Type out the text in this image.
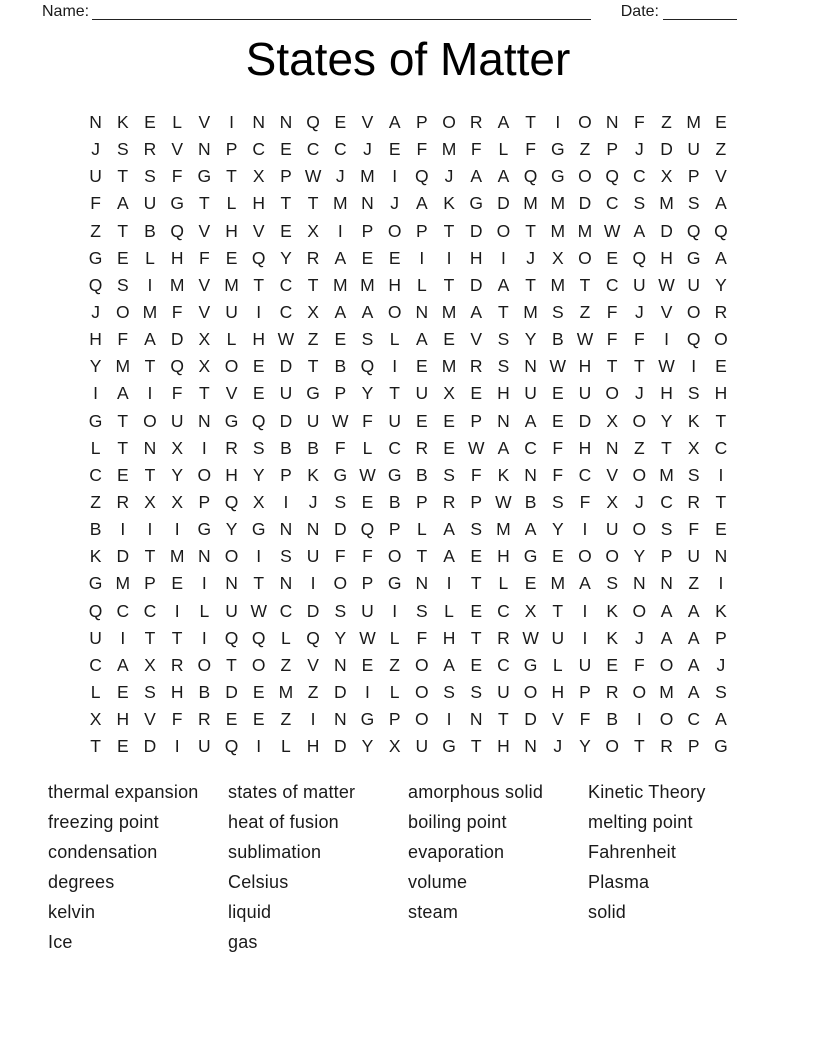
Name:	Date:
States of Matter
N K E L V	I	N N Q E V A P O R A T	I	O N F Z M E
J S R V N P C E C C J E F M F L F G Z P J D U Z
U T S F G T X P W J M I	Q J A A Q G O Q C X P V
F A U G T L H T T M N J A K G D M M D C S M S A
Z T B Q V H V E X	I	P O P T D O T M M W A D Q Q
G E L H F E Q Y R A E E	I	I	H	I	J X O E Q H G A
Q S	I M V M T C T M M H L T D A T M T C U W U Y
J O M F V U	I	C X A A O N M A T M S Z F J V O R
H F A D X L H W Z E S L A E V S Y B W F F	I	Q O
Y M T Q X O E D T B Q	I	E M R S N W H T T W I	E
I	A	I	F T V E U G P Y T U X E H U E U O J H S H
G T O U N G Q D U W F U E E P N A E D X O Y K T
L T N X	I	R S B B F L C R E W A C F H N Z T X C
C E T Y O H Y P K G W G B S F K N F C V O M S	I
Z R X X P Q X	I	J S E B P R P W B S F X J C R T
B	I	I	I	G Y G N N D Q P L A S M A Y	I	U O S F E
K D T M N O	I	S U F F O T A E H G E O O Y P U N
G M P E	I	N T N	I	O P G N	I	T L E M A S N N Z	I
Q C C	I	L U W C D S U	I	S L E C X T	I	K O A A K
U	I	T T	I	Q Q L Q Y W L F H T R W U	I	K J A A P
C A X R O T O Z V N E Z O A E C G L U E F O A J
L E S H B D E M Z D	I	L O S S U O H P R O M A S
X H V F R E E Z	I	N G P O	I	N T D V F B	I	O C A
T E D	I	U Q	I	L H D Y X U G T H N J Y O T R P G
thermal expansion
freezing point
condensation
degrees
kelvin
Ice
states of matter
heat of fusion
sublimation
Celsius
liquid
gas
amorphous solid
boiling point
evaporation
volume
steam
Kinetic Theory
melting point
Fahrenheit
Plasma
solid
